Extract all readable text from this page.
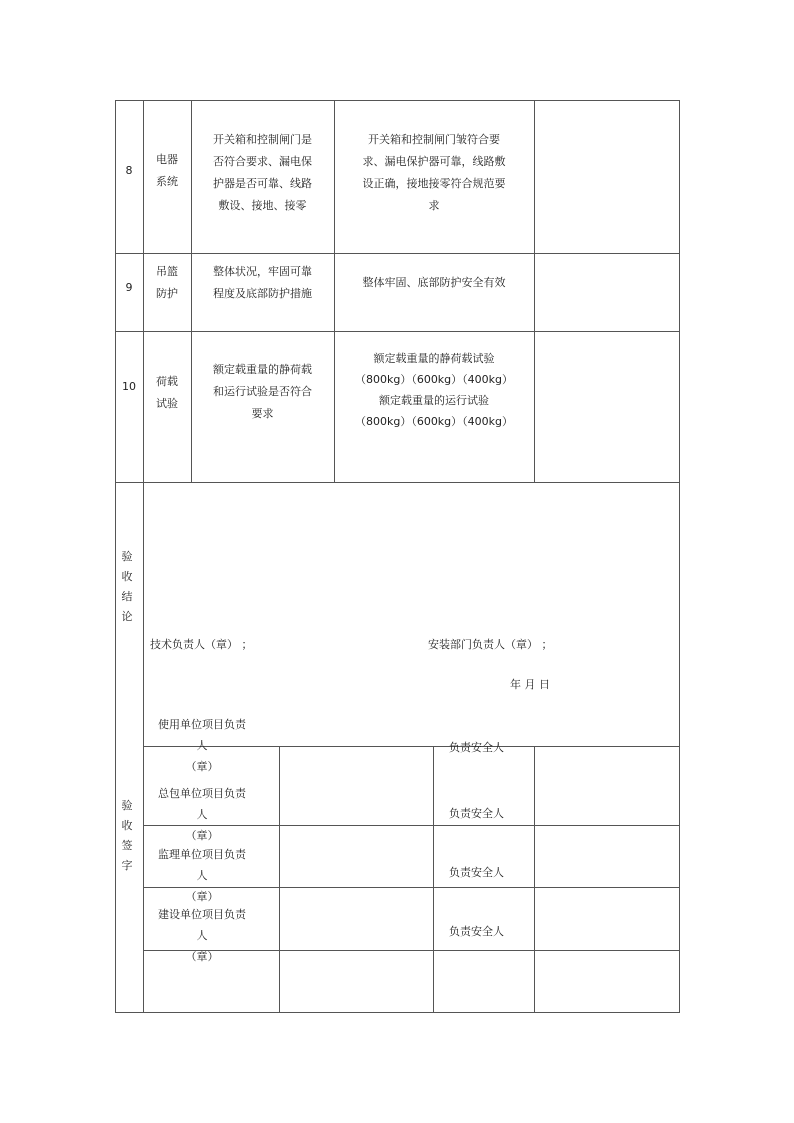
8
电器
系统
开关箱和控制闸门是
否符合要求、漏电保
护器是否可靠、线路
敷设、接地、接零
开关箱和控制闸门皱符合要
求、漏电保护器可靠，线路敷
设正确，接地接零符合规范要
求
9
吊篮
防护
整体状况，牢固可靠
程度及底部防护措施
整体牢固、底部防护安全有效
10	荷载
试验
额定载重量的静荷载
和运行试验是否符合
要求
额定载重量的静荷载试验
（800kg）（600kg）（400kg）
额定载重量的运行试验
（800kg）（600kg）（400kg）
验
收
结
论
技术负责人（章） ；	安装部门负责人（章） ；
年 月 日
验
收
签
字
使用单位项目负责
人
（章）
总包单位项目负责
人
（章）
监理单位项目负责
人
（章）
建设单位项目负责
人
（章）
负责安全人
负责安全人
负责安全人
负责安全人
